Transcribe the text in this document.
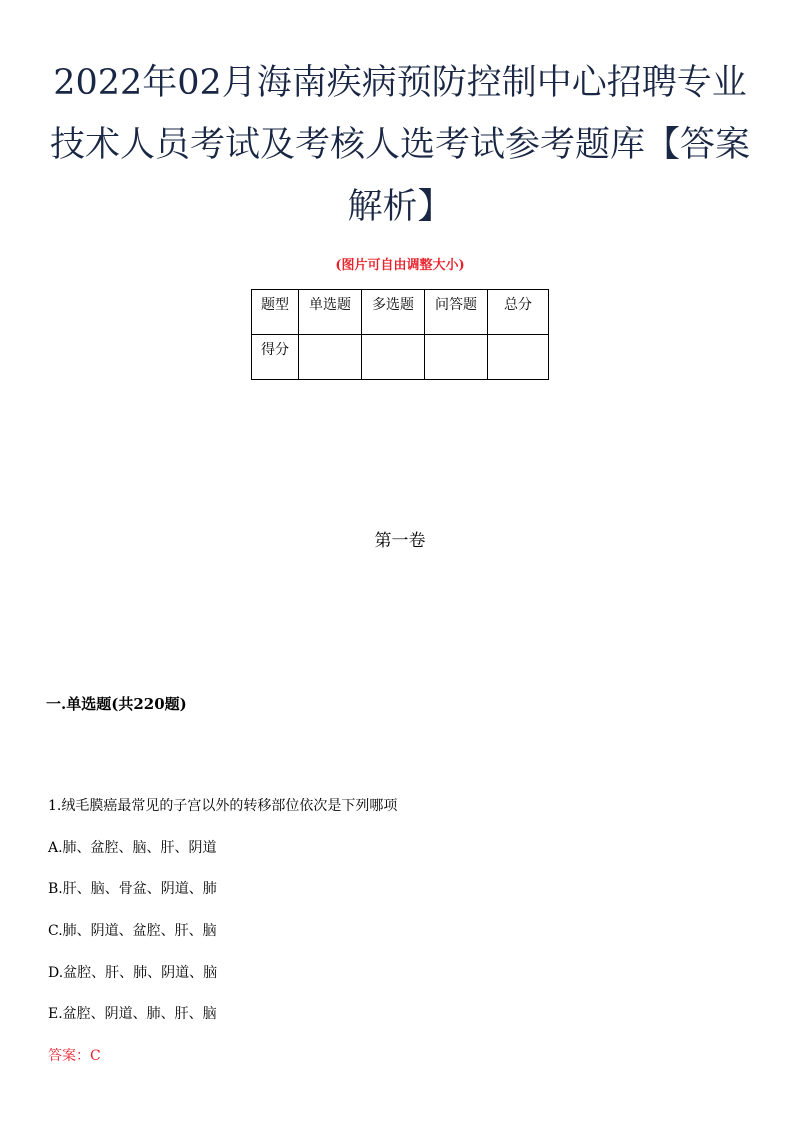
2022年02月海南疾病预防控制中心招聘专业技术人员考试及考核人选考试参考题库【答案解析】
(图片可自由调整大小)
题型	单选题	多选题	问答题	总分
得分				
第一卷
一.单选题(共220题)
1.绒毛膜癌最常见的子宫以外的转移部位依次是下列哪项
A.肺、盆腔、脑、肝、阴道
B.肝、脑、骨盆、阴道、肺
C.肺、阴道、盆腔、肝、脑
D.盆腔、肝、肺、阴道、脑
E.盆腔、阴道、肺、肝、脑
答案：C
